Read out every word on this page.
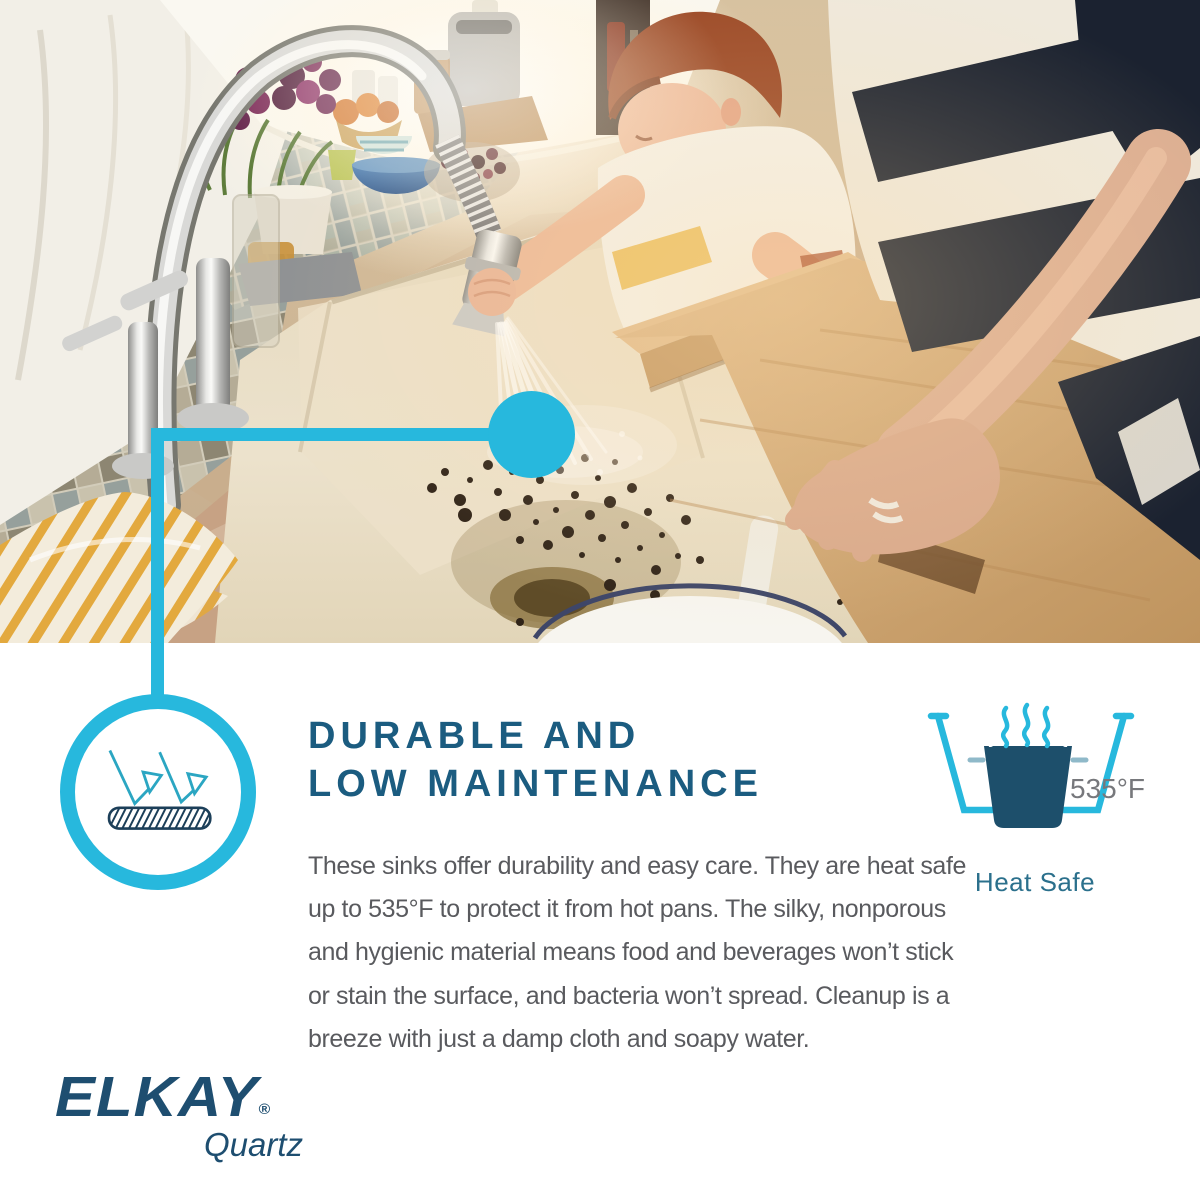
DURABLE AND
LOW MAINTENANCE
These sinks offer durability and easy care. They are heat safe
up to 535°F to protect it from hot pans. The silky, nonporous
and hygienic material means food and beverages won’t stick
or stain the surface, and bacteria won’t spread. Cleanup is a
breeze with just a damp cloth and soapy water.
535°F
Heat Safe
ELKAY®
Quartz
